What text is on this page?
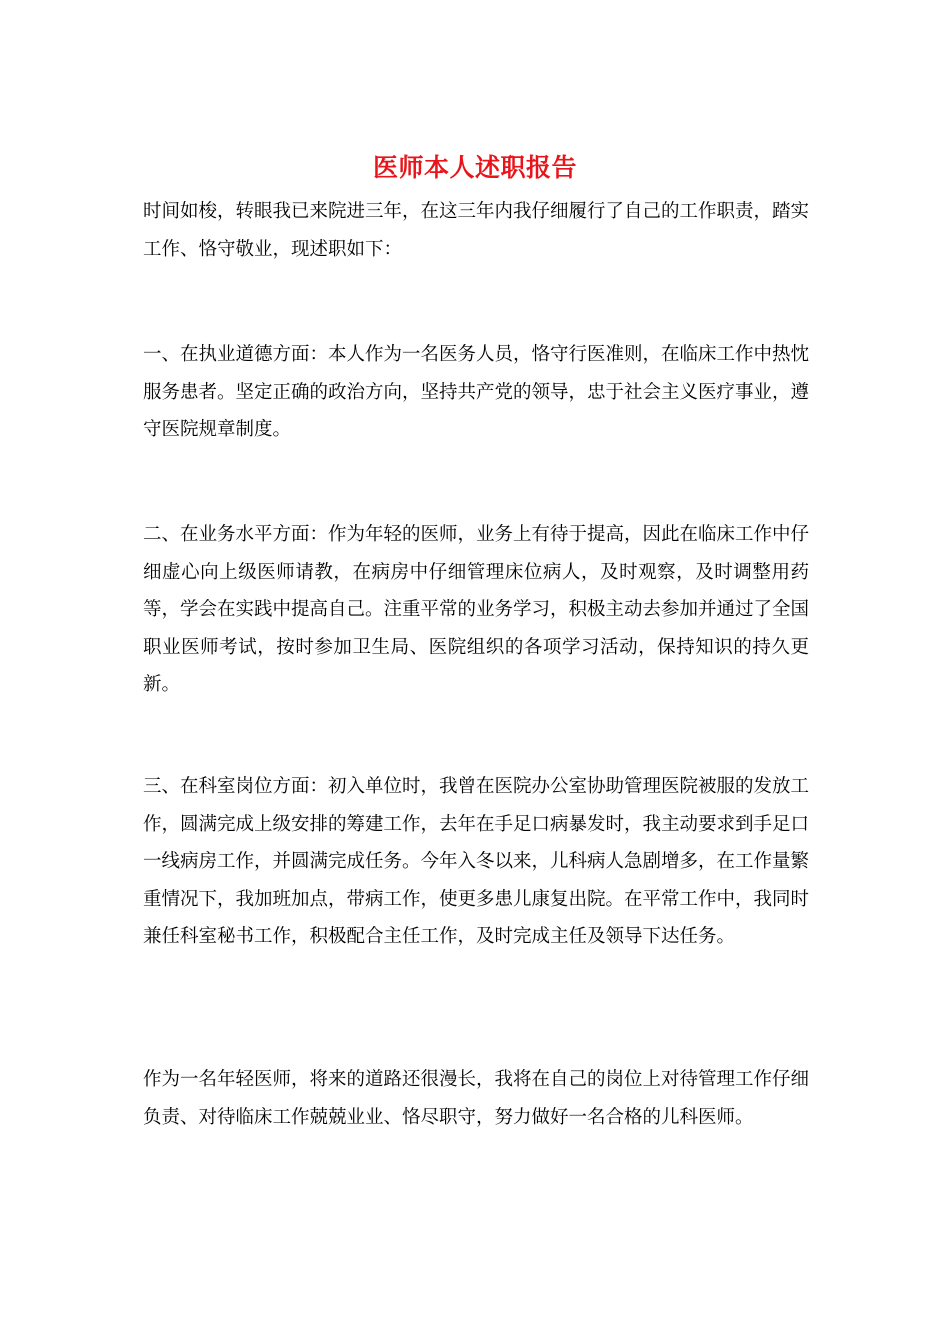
医师本人述职报告

时间如梭，转眼我已来院进三年，在这三年内我仔细履行了自己的工作职责，踏实工作、恪守敬业，现述职如下：

一、在执业道德方面：本人作为一名医务人员，恪守行医准则，在临床工作中热忱服务患者。坚定正确的政治方向，坚持共产党的领导，忠于社会主义医疗事业，遵守医院规章制度。

二、在业务水平方面：作为年轻的医师，业务上有待于提高，因此在临床工作中仔细虚心向上级医师请教，在病房中仔细管理床位病人，及时观察，及时调整用药等，学会在实践中提高自己。注重平常的业务学习，积极主动去参加并通过了全国职业医师考试，按时参加卫生局、医院组织的各项学习活动，保持知识的持久更新。

三、在科室岗位方面：初入单位时，我曾在医院办公室协助管理医院被服的发放工作，圆满完成上级安排的筹建工作，去年在手足口病暴发时，我主动要求到手足口一线病房工作，并圆满完成任务。今年入冬以来，儿科病人急剧增多，在工作量繁重情况下，我加班加点，带病工作，使更多患儿康复出院。在平常工作中，我同时兼任科室秘书工作，积极配合主任工作，及时完成主任及领导下达任务。

作为一名年轻医师，将来的道路还很漫长，我将在自己的岗位上对待管理工作仔细负责、对待临床工作兢兢业业、恪尽职守，努力做好一名合格的儿科医师。
